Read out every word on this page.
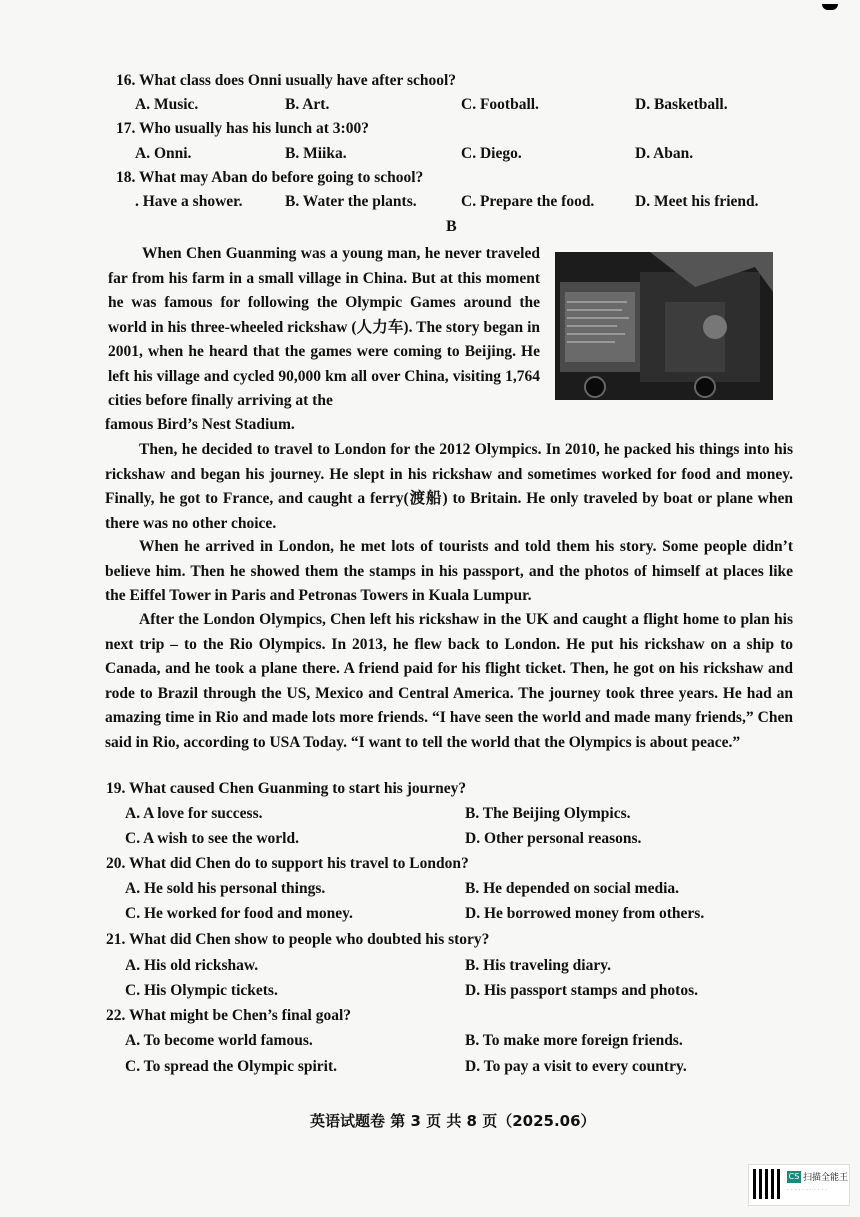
16. What class does Onni usually have after school?
A. Music.	B. Art.	C. Football.	D. Basketball.
17. Who usually has his lunch at 3:00?
A. Onni.	B. Miika.	C. Diego.	D. Aban.
18. What may Aban do before going to school?
. Have a shower.	B. Water the plants.	C. Prepare the food.	D. Meet his friend.
B
When Chen Guanming was a young man, he never traveled far from his farm in a small village in China. But at this moment he was famous for following the Olympic Games around the world in his three-wheeled rickshaw (人力车). The story began in 2001, when he heard that the games were coming to Beijing. He left his village and cycled 90,000 km all over China, visiting 1,764 cities before finally arriving at the
famous Bird’s Nest Stadium.
Then, he decided to travel to London for the 2012 Olympics. In 2010, he packed his things into his rickshaw and began his journey. He slept in his rickshaw and sometimes worked for food and money. Finally, he got to France, and caught a ferry(渡船) to Britain. He only traveled by boat or plane when there was no other choice.
When he arrived in London, he met lots of tourists and told them his story. Some people didn’t believe him. Then he showed them the stamps in his passport, and the photos of himself at places like the Eiffel Tower in Paris and Petronas Towers in Kuala Lumpur.
After the London Olympics, Chen left his rickshaw in the UK and caught a flight home to plan his next trip – to the Rio Olympics. In 2013, he flew back to London. He put his rickshaw on a ship to Canada, and he took a plane there. A friend paid for his flight ticket. Then, he got on his rickshaw and rode to Brazil through the US, Mexico and Central America. The journey took three years. He had an amazing time in Rio and made lots more friends. “I have seen the world and made many friends,” Chen said in Rio, according to USA Today. “I want to tell the world that the Olympics is about peace.”
19. What caused Chen Guanming to start his journey?
A. A love for success.	B. The Beijing Olympics.
C. A wish to see the world.	D. Other personal reasons.
20. What did Chen do to support his travel to London?
A. He sold his personal things.	B. He depended on social media.
C. He worked for food and money.	D. He borrowed money from others.
21. What did Chen show to people who doubted his story?
A. His old rickshaw.	B. His traveling diary.
C. His Olympic tickets.	D. His passport stamps and photos.
22. What might be Chen’s final goal?
A. To become world famous.	B. To make more foreign friends.
C. To spread the Olympic spirit.	D. To pay a visit to every country.
英语试题卷 第 3 页 共 8 页（2025.06）
CS 扫描全能王
· · · · · · · · · · ·
